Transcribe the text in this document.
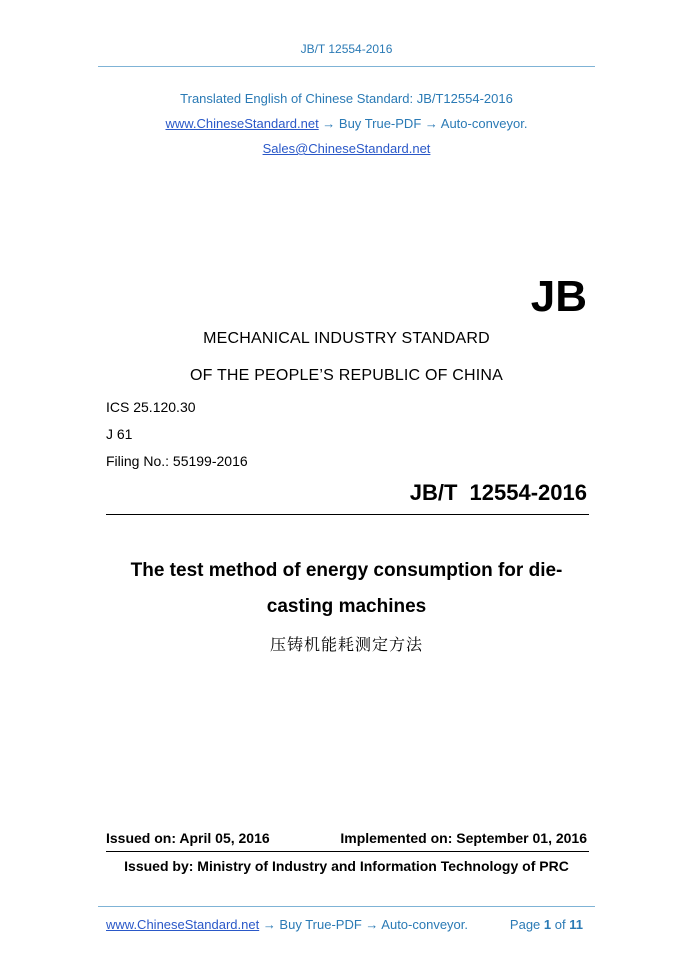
JB/T 12554-2016
Translated English of Chinese Standard: JB/T12554-2016
www.ChineseStandard.net → Buy True-PDF → Auto-conveyor.
Sales@ChineseStandard.net
JB
MECHANICAL INDUSTRY STANDARD
OF THE PEOPLE’S REPUBLIC OF CHINA
ICS 25.120.30
J 61
Filing No.: 55199-2016
JB/T 12554-2016
The test method of energy consumption for die-
casting machines
压铸机能耗测定方法
Issued on: April 05, 2016	Implemented on: September 01, 2016
Issued by: Ministry of Industry and Information Technology of PRC
www.ChineseStandard.net → Buy True-PDF → Auto-conveyor.	Page 1 of 11
